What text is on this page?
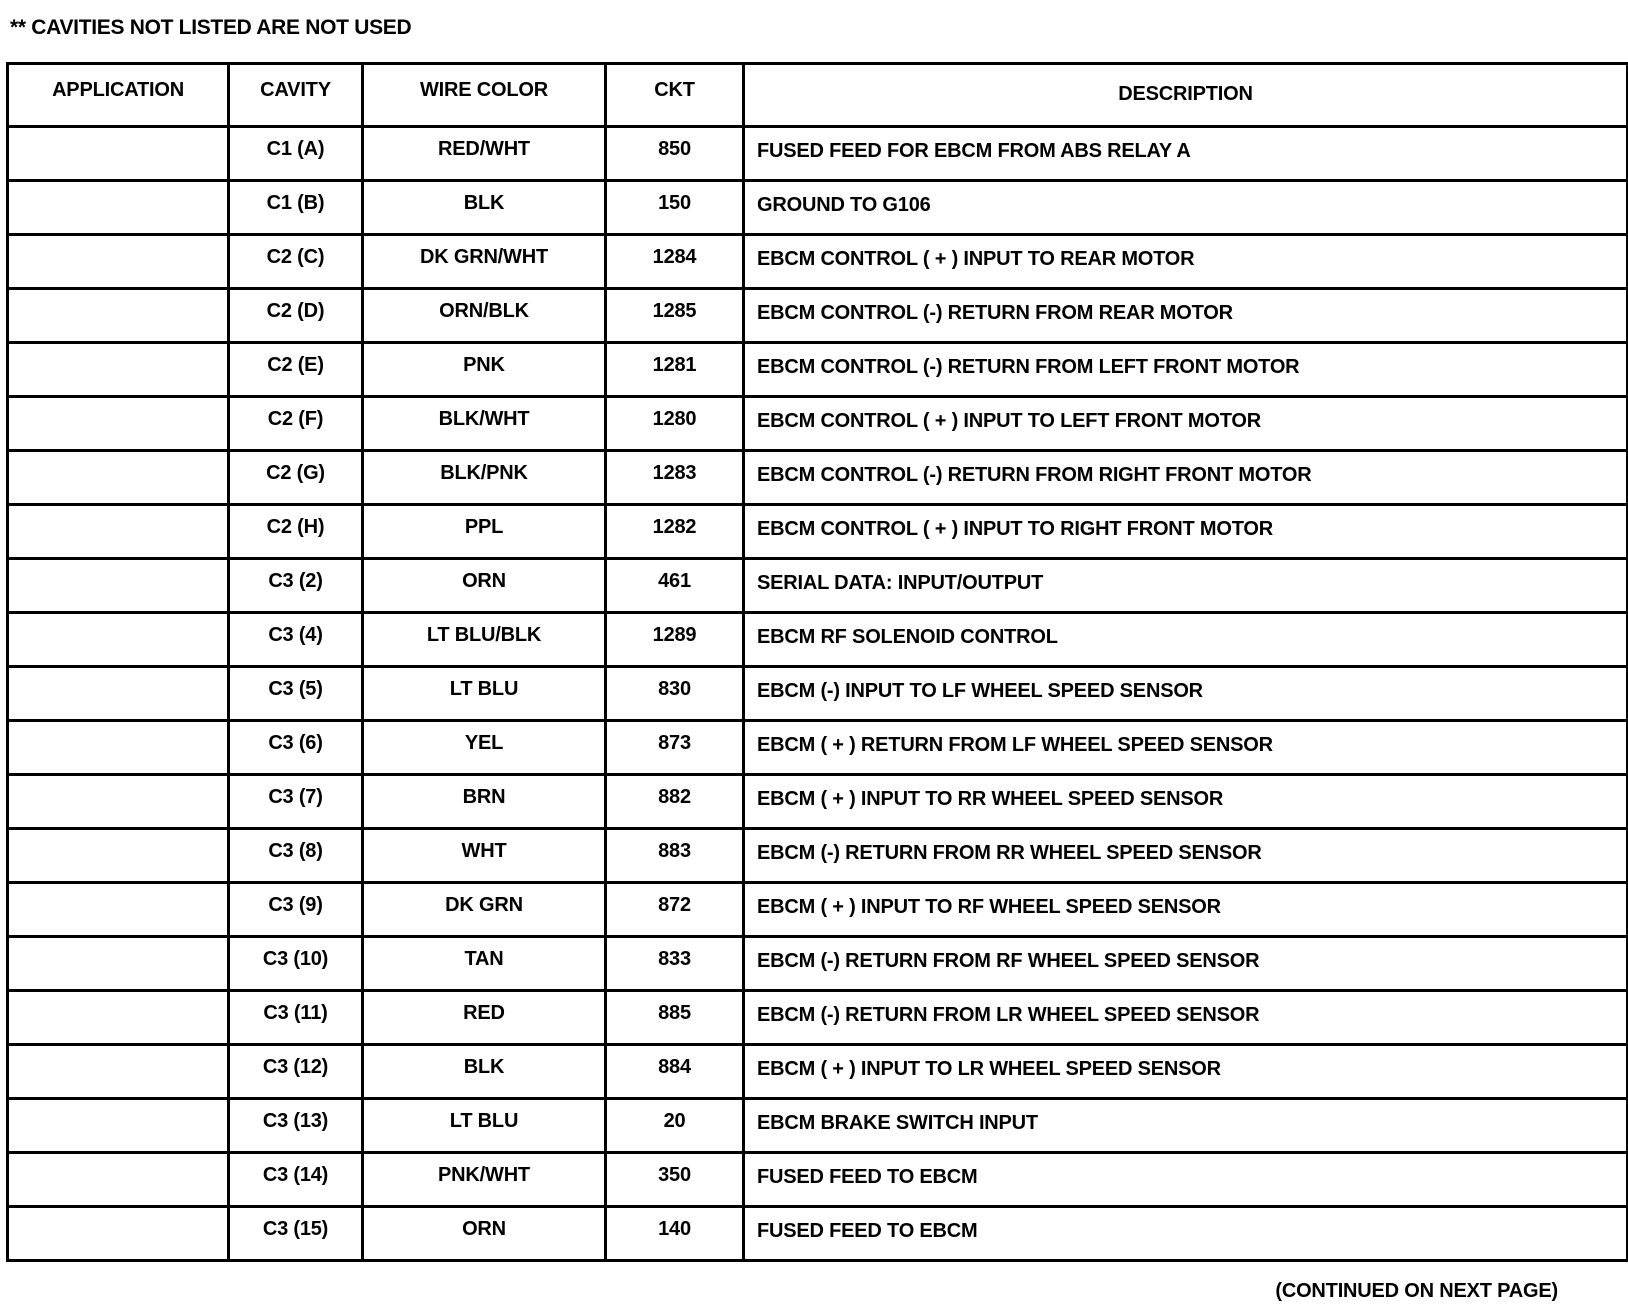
** CAVITIES NOT LISTED ARE NOT USED
APPLICATION	CAVITY	WIRE COLOR	CKT	DESCRIPTION
	C1 (A)	RED/WHT	850	FUSED FEED FOR EBCM FROM ABS RELAY A
	C1 (B)	BLK	150	GROUND TO G106
	C2 (C)	DK GRN/WHT	1284	EBCM CONTROL ( + ) INPUT TO REAR MOTOR
	C2 (D)	ORN/BLK	1285	EBCM CONTROL (-) RETURN FROM REAR MOTOR
	C2 (E)	PNK	1281	EBCM CONTROL (-) RETURN FROM LEFT FRONT MOTOR
	C2 (F)	BLK/WHT	1280	EBCM CONTROL ( + ) INPUT TO LEFT FRONT MOTOR
	C2 (G)	BLK/PNK	1283	EBCM CONTROL (-) RETURN FROM RIGHT FRONT MOTOR
	C2 (H)	PPL	1282	EBCM CONTROL ( + ) INPUT TO RIGHT FRONT MOTOR
	C3 (2)	ORN	461	SERIAL DATA: INPUT/OUTPUT
	C3 (4)	LT BLU/BLK	1289	EBCM RF SOLENOID CONTROL
	C3 (5)	LT BLU	830	EBCM (-) INPUT TO LF WHEEL SPEED SENSOR
	C3 (6)	YEL	873	EBCM ( + ) RETURN FROM LF WHEEL SPEED SENSOR
	C3 (7)	BRN	882	EBCM ( + ) INPUT TO RR WHEEL SPEED SENSOR
	C3 (8)	WHT	883	EBCM (-) RETURN FROM RR WHEEL SPEED SENSOR
	C3 (9)	DK GRN	872	EBCM ( + ) INPUT TO RF WHEEL SPEED SENSOR
	C3 (10)	TAN	833	EBCM (-) RETURN FROM RF WHEEL SPEED SENSOR
	C3 (11)	RED	885	EBCM (-) RETURN FROM LR WHEEL SPEED SENSOR
	C3 (12)	BLK	884	EBCM ( + ) INPUT TO LR WHEEL SPEED SENSOR
	C3 (13)	LT BLU	20	EBCM BRAKE SWITCH INPUT
	C3 (14)	PNK/WHT	350	FUSED FEED TO EBCM
	C3 (15)	ORN	140	FUSED FEED TO EBCM
(CONTINUED ON NEXT PAGE)
